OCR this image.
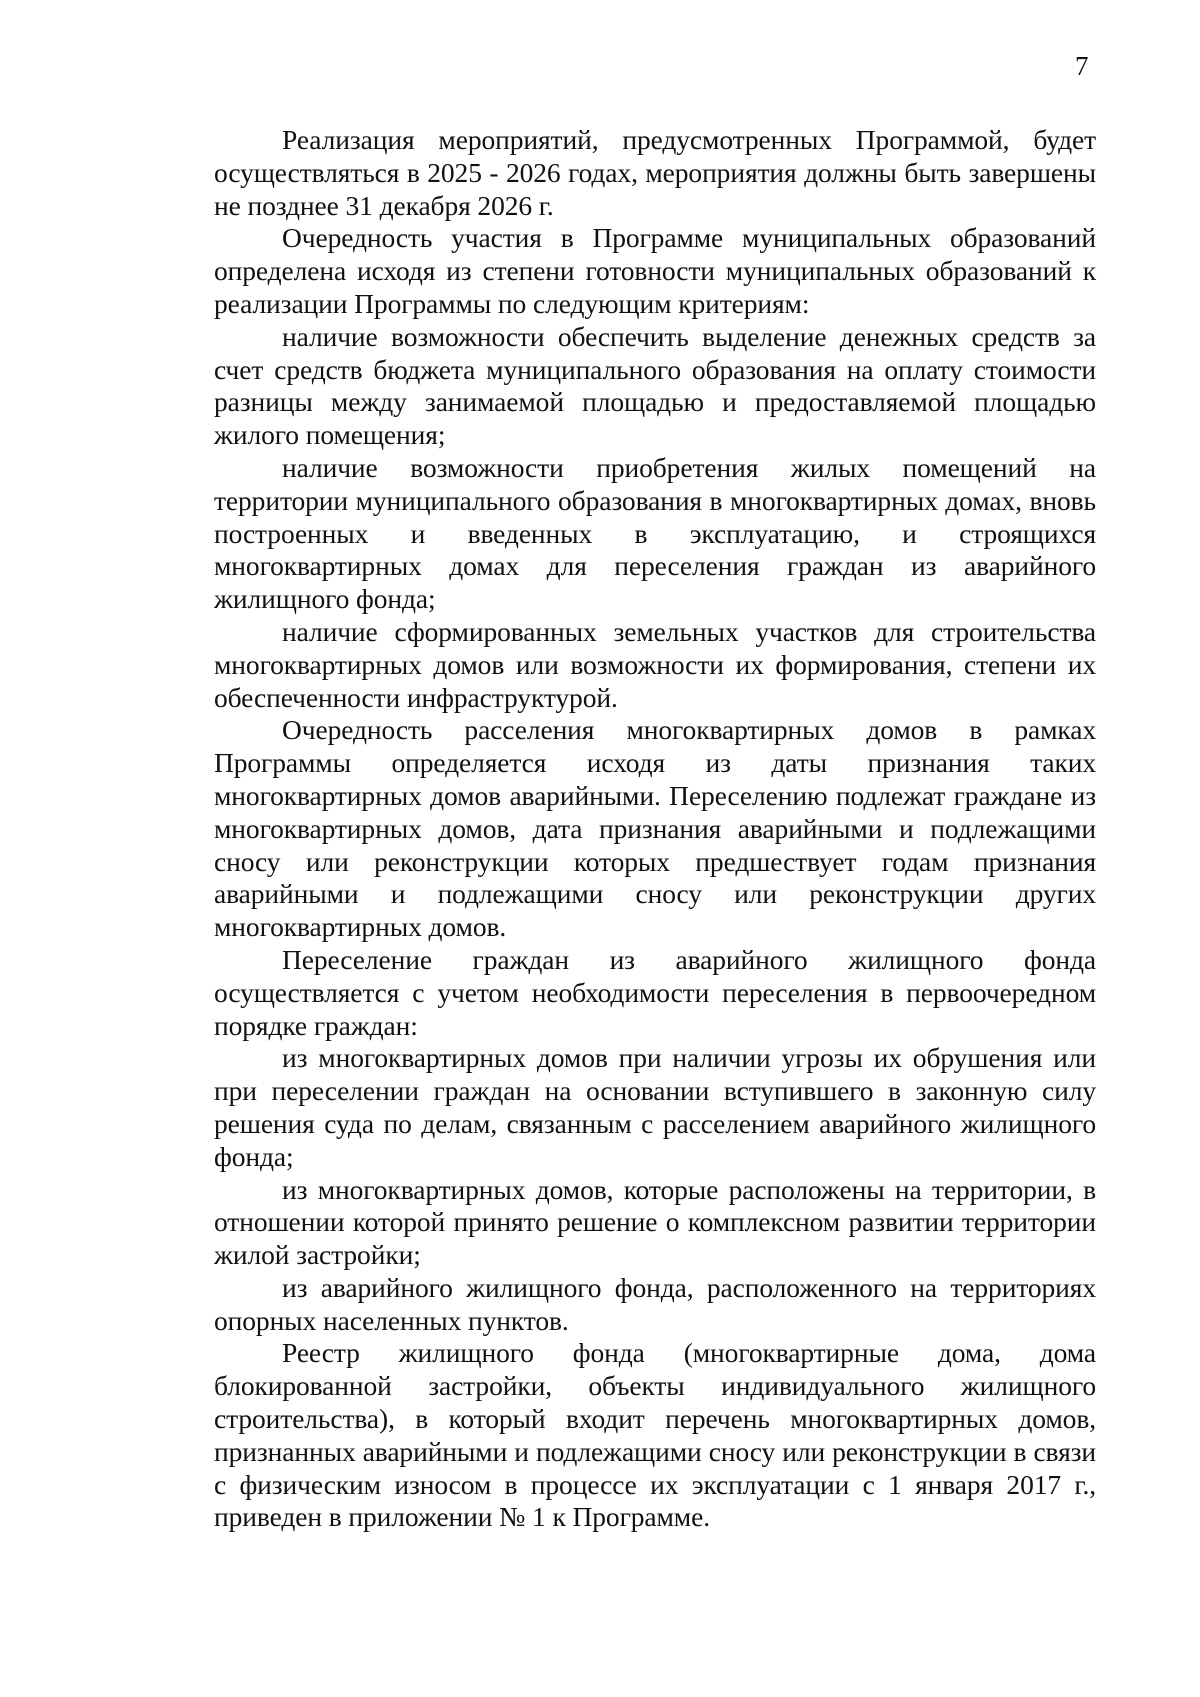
7

Реализация мероприятий, предусмотренных Программой, будет осуществляться в 2025 - 2026 годах, мероприятия должны быть завершены не позднее 31 декабря 2026 г.

Очередность участия в Программе муниципальных образований определена исходя из степени готовности муниципальных образований к реализации Программы по следующим критериям:

наличие возможности обеспечить выделение денежных средств за счет средств бюджета муниципального образования на оплату стоимости разницы между занимаемой площадью и предоставляемой площадью жилого помещения;

наличие возможности приобретения жилых помещений на территории муниципального образования в многоквартирных домах, вновь построенных и введенных в эксплуатацию, и строящихся многоквартирных домах для переселения граждан из аварийного жилищного фонда;

наличие сформированных земельных участков для строительства многоквартирных домов или возможности их формирования, степени их обеспеченности инфраструктурой.

Очередность расселения многоквартирных домов в рамках Программы определяется исходя из даты признания таких многоквартирных домов аварийными. Переселению подлежат граждане из многоквартирных домов, дата признания аварийными и подлежащими сносу или реконструкции которых предшествует годам признания аварийными и подлежащими сносу или реконструкции других многоквартирных домов.

Переселение граждан из аварийного жилищного фонда осуществляется с учетом необходимости переселения в первоочередном порядке граждан:

из многоквартирных домов при наличии угрозы их обрушения или при переселении граждан на основании вступившего в законную силу решения суда по делам, связанным с расселением аварийного жилищного фонда;

из многоквартирных домов, которые расположены на территории, в отношении которой принято решение о комплексном развитии территории жилой застройки;

из аварийного жилищного фонда, расположенного на территориях опорных населенных пунктов.

Реестр жилищного фонда (многоквартирные дома, дома блокированной застройки, объекты индивидуального жилищного строительства), в который входит перечень многоквартирных домов, признанных аварийными и подлежащими сносу или реконструкции в связи с физическим износом в процессе их эксплуатации с 1 января 2017 г., приведен в приложении № 1 к Программе.
